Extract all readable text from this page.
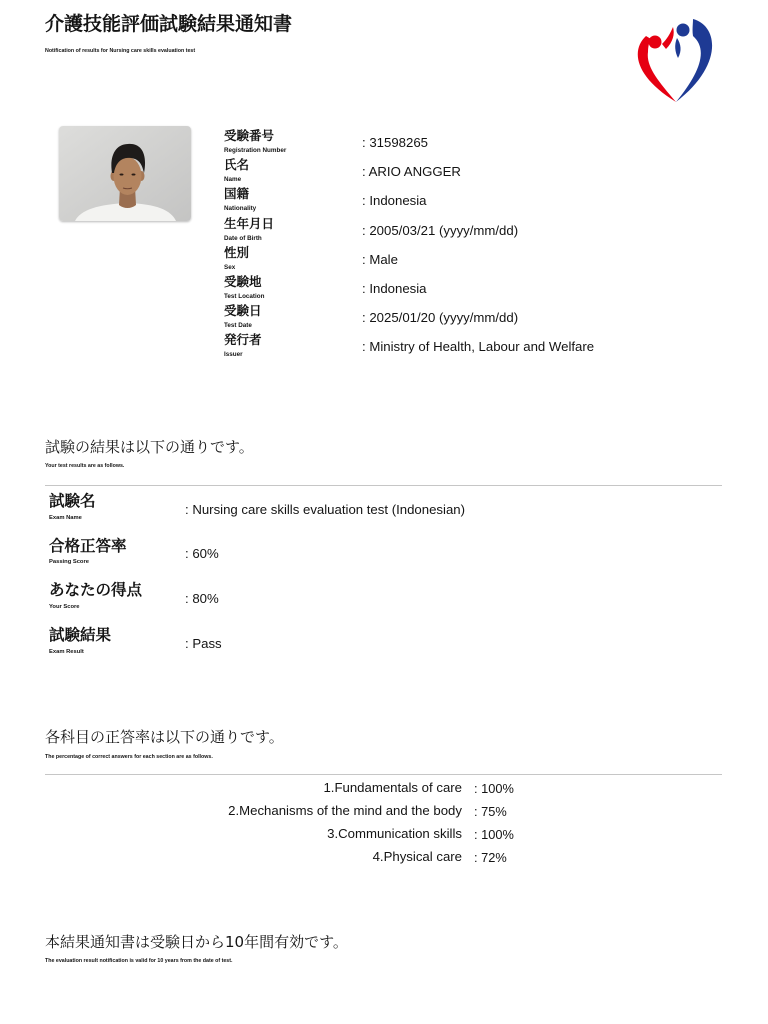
介護技能評価試験結果通知書
Notification of results for Nursing care skills evaluation test
受験番号
Registration Number	: 31598265
氏名
Name	: ARIO ANGGER
国籍
Nationality	: Indonesia
生年月日
Date of Birth	: 2005/03/21 (yyyy/mm/dd)
性別
Sex	: Male
受験地
Test Location	: Indonesia
受験日
Test Date	: 2025/01/20 (yyyy/mm/dd)
発行者
Issuer	: Ministry of Health, Labour and Welfare
試験の結果は以下の通りです。
Your test results are as follows.
試験名
Exam Name
: Nursing care skills evaluation test (Indonesian)
合格正答率
Passing Score
: 60%
あなたの得点
Your Score
: 80%
試験結果
Exam Result
: Pass
各科目の正答率は以下の通りです。
The percentage of correct answers for each section are as follows.
1.Fundamentals of care : 100%
2.Mechanisms of the mind and the body : 75%
3.Communication skills : 100%
4.Physical care : 72%
本結果通知書は受験日から10年間有効です。
The evaluation result notification is valid for 10 years from the date of test.
